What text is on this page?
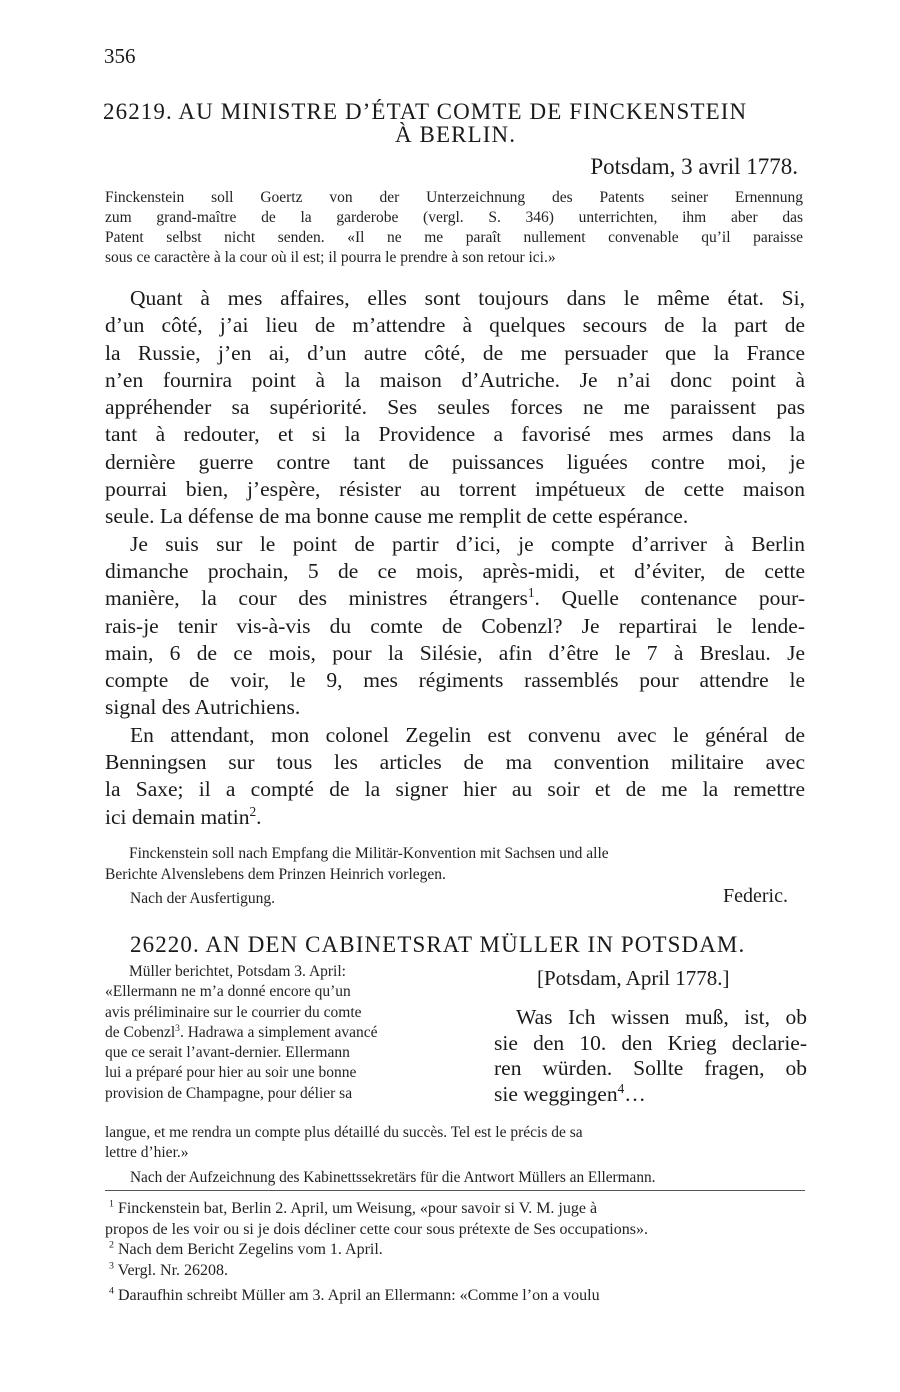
356
26219. AU MINISTRE D’ÉTAT COMTE DE FINCKENSTEIN
À BERLIN.
Potsdam, 3 avril 1778.

Finckenstein soll Goertz von der Unterzeichnung des Patents seiner Ernennung

zum grand-maître de la garderobe (vergl. S. 346) unterrichten, ihm aber das

Patent selbst nicht senden. «Il ne me paraît nullement convenable qu’il paraisse

sous ce caractère à la cour où il est; il pourra le prendre à son retour ici.»

Quant à mes affaires, elles sont toujours dans le même état. Si,

d’un côté, j’ai lieu de m’attendre à quelques secours de la part de

la Russie, j’en ai, d’un autre côté, de me persuader que la France

n’en fournira point à la maison d’Autriche. Je n’ai donc point à

appréhender sa supériorité. Ses seules forces ne me paraissent pas

tant à redouter, et si la Providence a favorisé mes armes dans la

dernière guerre contre tant de puissances liguées contre moi, je

pourrai bien, j’espère, résister au torrent impétueux de cette maison

seule. La défense de ma bonne cause me remplit de cette espérance.

Je suis sur le point de partir d’ici, je compte d’arriver à Berlin

dimanche prochain, 5 de ce mois, après-midi, et d’éviter, de cette

manière, la cour des ministres étrangers$^1$. Quelle contenance pour-

rais-je tenir vis-à-vis du comte de Cobenzl? Je repartirai le lende-

main, 6 de ce mois, pour la Silésie, afin d’être le 7 à Breslau. Je

compte de voir, le 9, mes régiments rassemblés pour attendre le

signal des Autrichiens.

En attendant, mon colonel Zegelin est convenu avec le général de

Benningsen sur tous les articles de ma convention militaire avec

la Saxe; il a compté de la signer hier au soir et de me la remettre

ici demain matin$^2$.

Finckenstein soll nach Empfang die Militär-Konvention mit Sachsen und alle
Berichte Alvenslebens dem Prinzen Heinrich vorlegen.
Nach der Ausfertigung.	Federic.
26220. AN DEN CABINETSRAT MÜLLER IN POTSDAM.
Müller berichtet, Potsdam 3. April:
«Ellermann ne m’a donné encore qu’un
avis préliminaire sur le courrier du comte
de Cobenzl$^3$. Hadrawa a simplement avancé
que ce serait l’avant-dernier. Ellermann
lui a préparé pour hier au soir une bonne
provision de Champagne, pour délier sa
[Potsdam, April 1778.]

Was Ich wissen muß, ist, ob

sie den 10. den Krieg declarie-

ren würden. Sollte fragen, ob

sie weggingen$^4$…

langue, et me rendra un compte plus détaillé du succès. Tel est le précis de sa
lettre d’hier.»
Nach der Aufzeichnung des Kabinettssekretärs für die Antwort Müllers an Ellermann.

$^1$ Finckenstein bat, Berlin 2. April, um Weisung, «pour savoir si V. M. juge à

propos de les voir ou si je dois décliner cette cour sous prétexte de Ses occupations».

$^2$ Nach dem Bericht Zegelins vom 1. April.

$^3$ Vergl. Nr. 26208.

$^4$ Daraufhin schreibt Müller am 3. April an Ellermann: «Comme l’on a voulu
